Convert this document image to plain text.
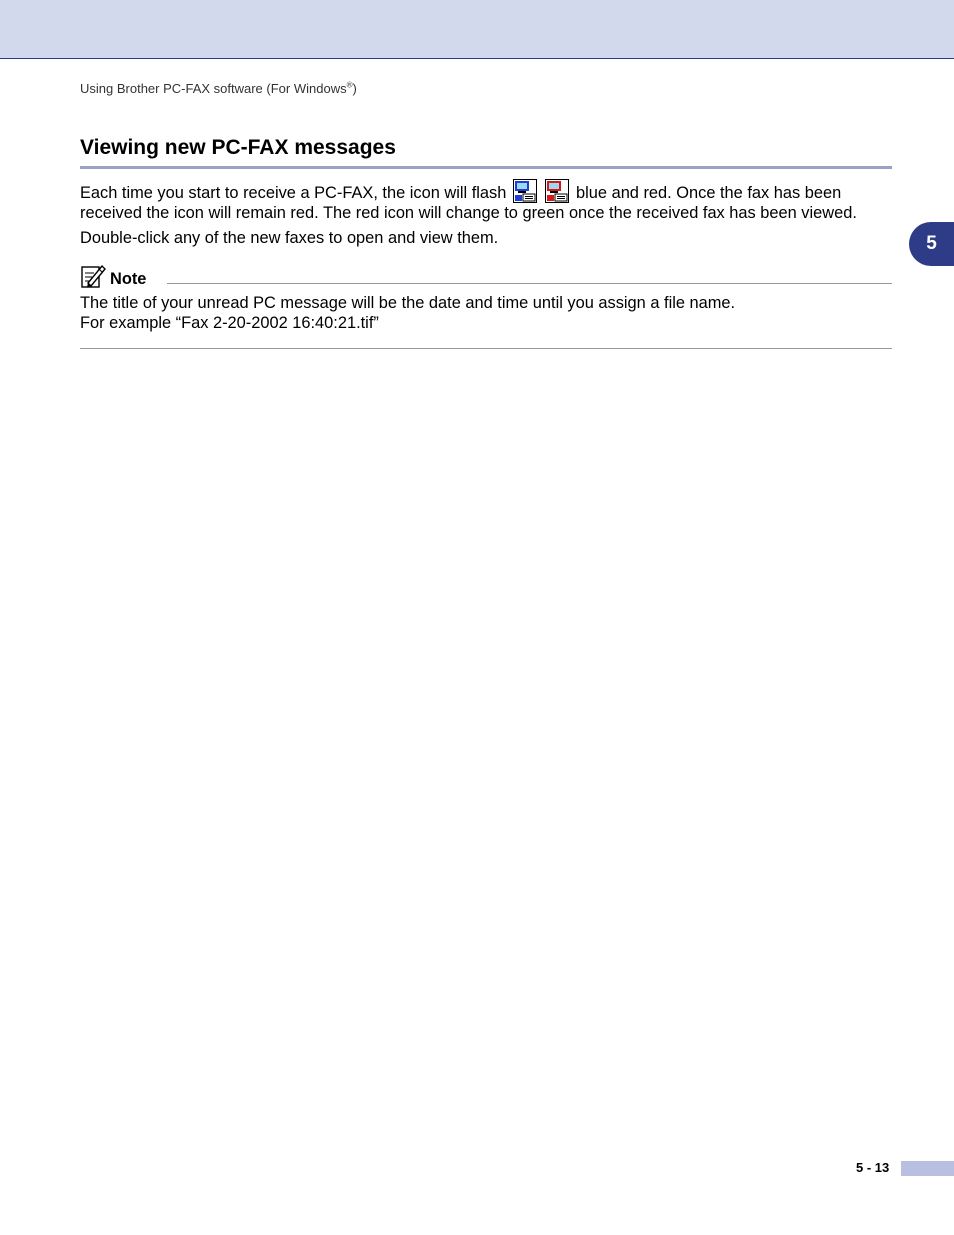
Using Brother PC-FAX software (For Windows®)
5
Viewing new PC-FAX messages

Each time you start to receive a PC-FAX, the icon will flash	blue and red. Once the fax has been received the icon will remain red. The red icon will change to green once the received fax has been viewed.

Double-click any of the new faxes to open and view them.

Note

The title of your unread PC message will be the date and time until you assign a file name.
For example “Fax 2-20-2002 16:40:21.tif”

5 - 13
